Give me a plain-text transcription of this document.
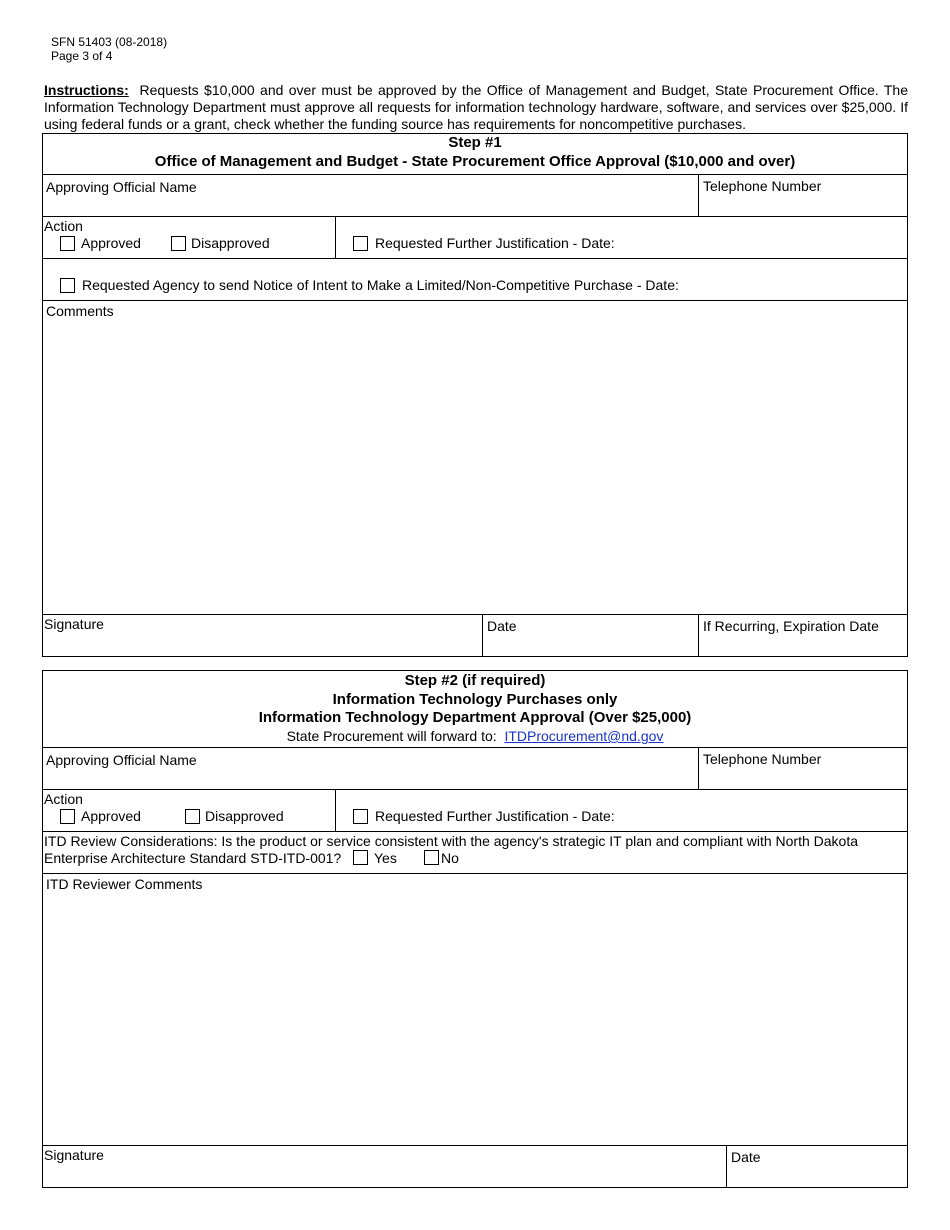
SFN 51403 (08-2018)
Page 3 of 4
Instructions: Requests $10,000 and over must be approved by the Office of Management and Budget, State Procurement Office. The Information Technology Department must approve all requests for information technology hardware, software, and services over $25,000. If using federal funds or a grant, check whether the funding source has requirements for noncompetitive purchases.
Step #1
Office of Management and Budget - State Procurement Office Approval ($10,000 and over)
Approving Official Name	Telephone Number
Action
Approved	Disapproved	Requested Further Justification - Date:
Requested Agency to send Notice of Intent to Make a Limited/Non-Competitive Purchase - Date:
Comments
Signature	Date	If Recurring, Expiration Date
Step #2 (if required)
Information Technology Purchases only
Information Technology Department Approval (Over $25,000)
State Procurement will forward to: ITDProcurement@nd.gov
Approving Official Name	Telephone Number
Action
Approved	Disapproved	Requested Further Justification - Date:
ITD Review Considerations: Is the product or service consistent with the agency's strategic IT plan and compliant with North Dakota Enterprise Architecture Standard STD-ITD-001?	Yes	No
ITD Reviewer Comments
Signature	Date
